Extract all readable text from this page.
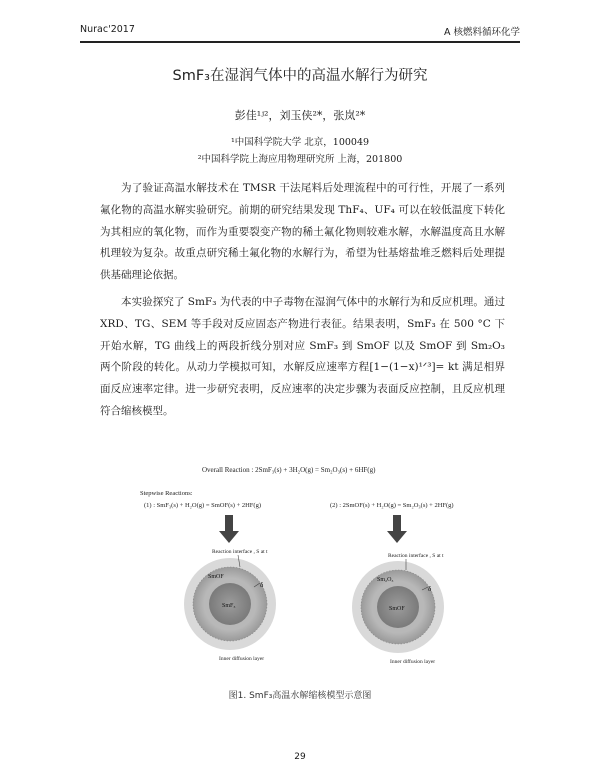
Nurac'2017	A 核燃料循环化学
SmF₃在湿润气体中的高温水解行为研究
彭佳¹ʲ²，刘玉侠²*，张岚²*
¹中国科学院大学 北京，100049
²中国科学院上海应用物理研究所 上海，201800

为了验证高温水解技术在 TMSR 干法尾料后处理流程中的可行性，开展了一系列氟化物的高温水解实验研究。前期的研究结果发现 ThF₄、UF₄ 可以在较低温度下转化为其相应的氧化物，而作为重要裂变产物的稀土氟化物则较难水解，水解温度高且水解机理较为复杂。故重点研究稀土氟化物的水解行为，希望为钍基熔盐堆乏燃料后处理提供基础理论依据。

本实验探究了 SmF₃ 为代表的中子毒物在湿润气体中的水解行为和反应机理。通过 XRD、TG、SEM 等手段对反应固态产物进行表征。结果表明，SmF₃ 在 500 °C 下开始水解，TG 曲线上的两段折线分别对应 SmF₃ 到 SmOF 以及 SmOF 到 Sm₂O₃ 两个阶段的转化。从动力学模拟可知，水解反应速率方程[1−(1−x)¹ᐟ³]= kt 满足相界面反应速率定律。进一步研究表明，反应速率的决定步骤为表面反应控制，且反应机理符合缩核模型。

Overall Reaction : 2SmF₃(s) + 3H₂O(g) = Sm₂O₃(s) + 6HF(g)
Stepwise Reactions:
(1) : SmF₃(s) + H₂O(g) = SmOF(s) + 2HF(g)	(2) : 2SmOF(s) + H₂O(g) = Sm₂O₃(s) + 2HF(g)
Reaction interface , S at t
Reaction interface , S at t
SmOF
SmF₃
δ
Inner diffusion layer
Sm₂O₃
SmOF
δ
Inner diffusion layer
图1. SmF₃高温水解缩核模型示意图
29
